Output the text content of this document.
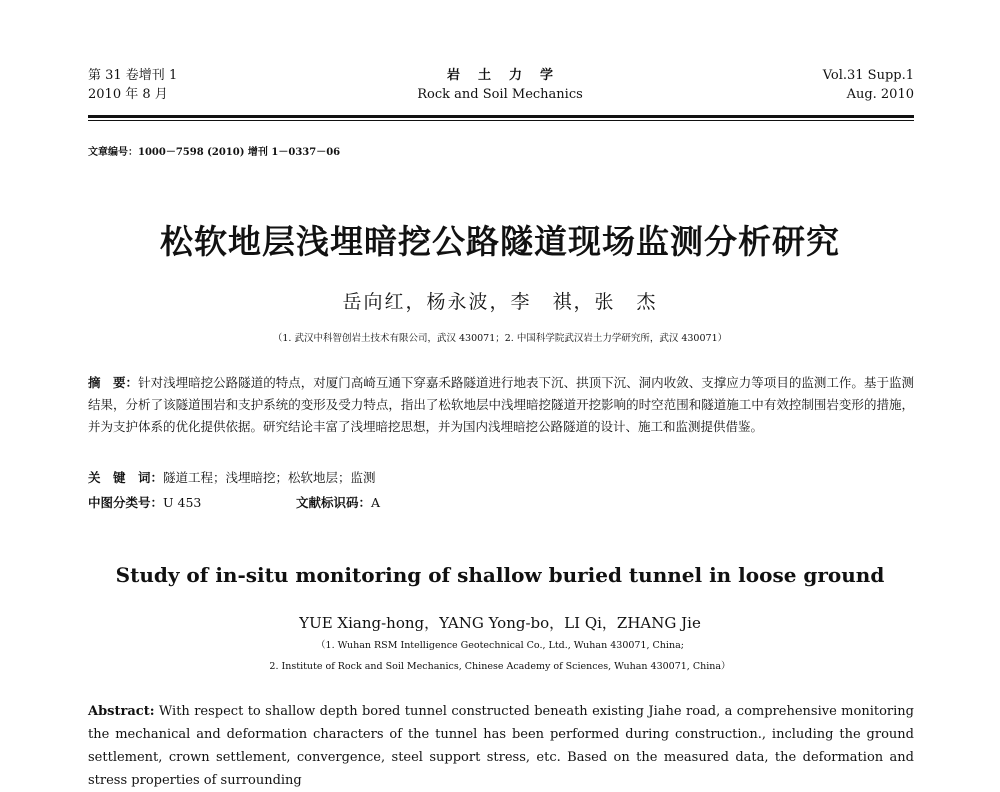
第 31 卷增刊 1
2010 年 8 月
岩土力学
Rock and Soil Mechanics
Vol.31 Supp.1
Aug. 2010
文章编号：1000－7598 (2010) 增刊 1－0337－06
松软地层浅埋暗挖公路隧道现场监测分析研究
岳向红，杨永波，李　祺，张　杰
（1. 武汉中科智创岩土技术有限公司，武汉 430071；2. 中国科学院武汉岩土力学研究所，武汉 430071）
摘　要：针对浅埋暗挖公路隧道的特点，对厦门高崎互通下穿嘉禾路隧道进行地表下沉、拱顶下沉、洞内收敛、支撑应力等项目的监测工作。基于监测结果，分析了该隧道围岩和支护系统的变形及受力特点，指出了松软地层中浅埋暗挖隧道开挖影响的时空范围和隧道施工中有效控制围岩变形的措施，并为支护体系的优化提供依据。研究结论丰富了浅埋暗挖思想，并为国内浅埋暗挖公路隧道的设计、施工和监测提供借鉴。
关　键　词：隧道工程；浅埋暗挖；松软地层；监测
中图分类号：U 453	文献标识码：A
Study of in-situ monitoring of shallow buried tunnel in loose ground
YUE Xiang-hong，YANG Yong-bo，LI Qi，ZHANG Jie
（1. Wuhan RSM Intelligence Geotechnical Co., Ltd., Wuhan 430071, China;
2. Institute of Rock and Soil Mechanics, Chinese Academy of Sciences, Wuhan 430071, China）
Abstract: With respect to shallow depth bored tunnel constructed beneath existing Jiahe road, a comprehensive monitoring the mechanical and deformation characters of the tunnel has been performed during construction., including the ground settlement, crown settlement, convergence, steel support stress, etc. Based on the measured data, the deformation and stress properties of surrounding
